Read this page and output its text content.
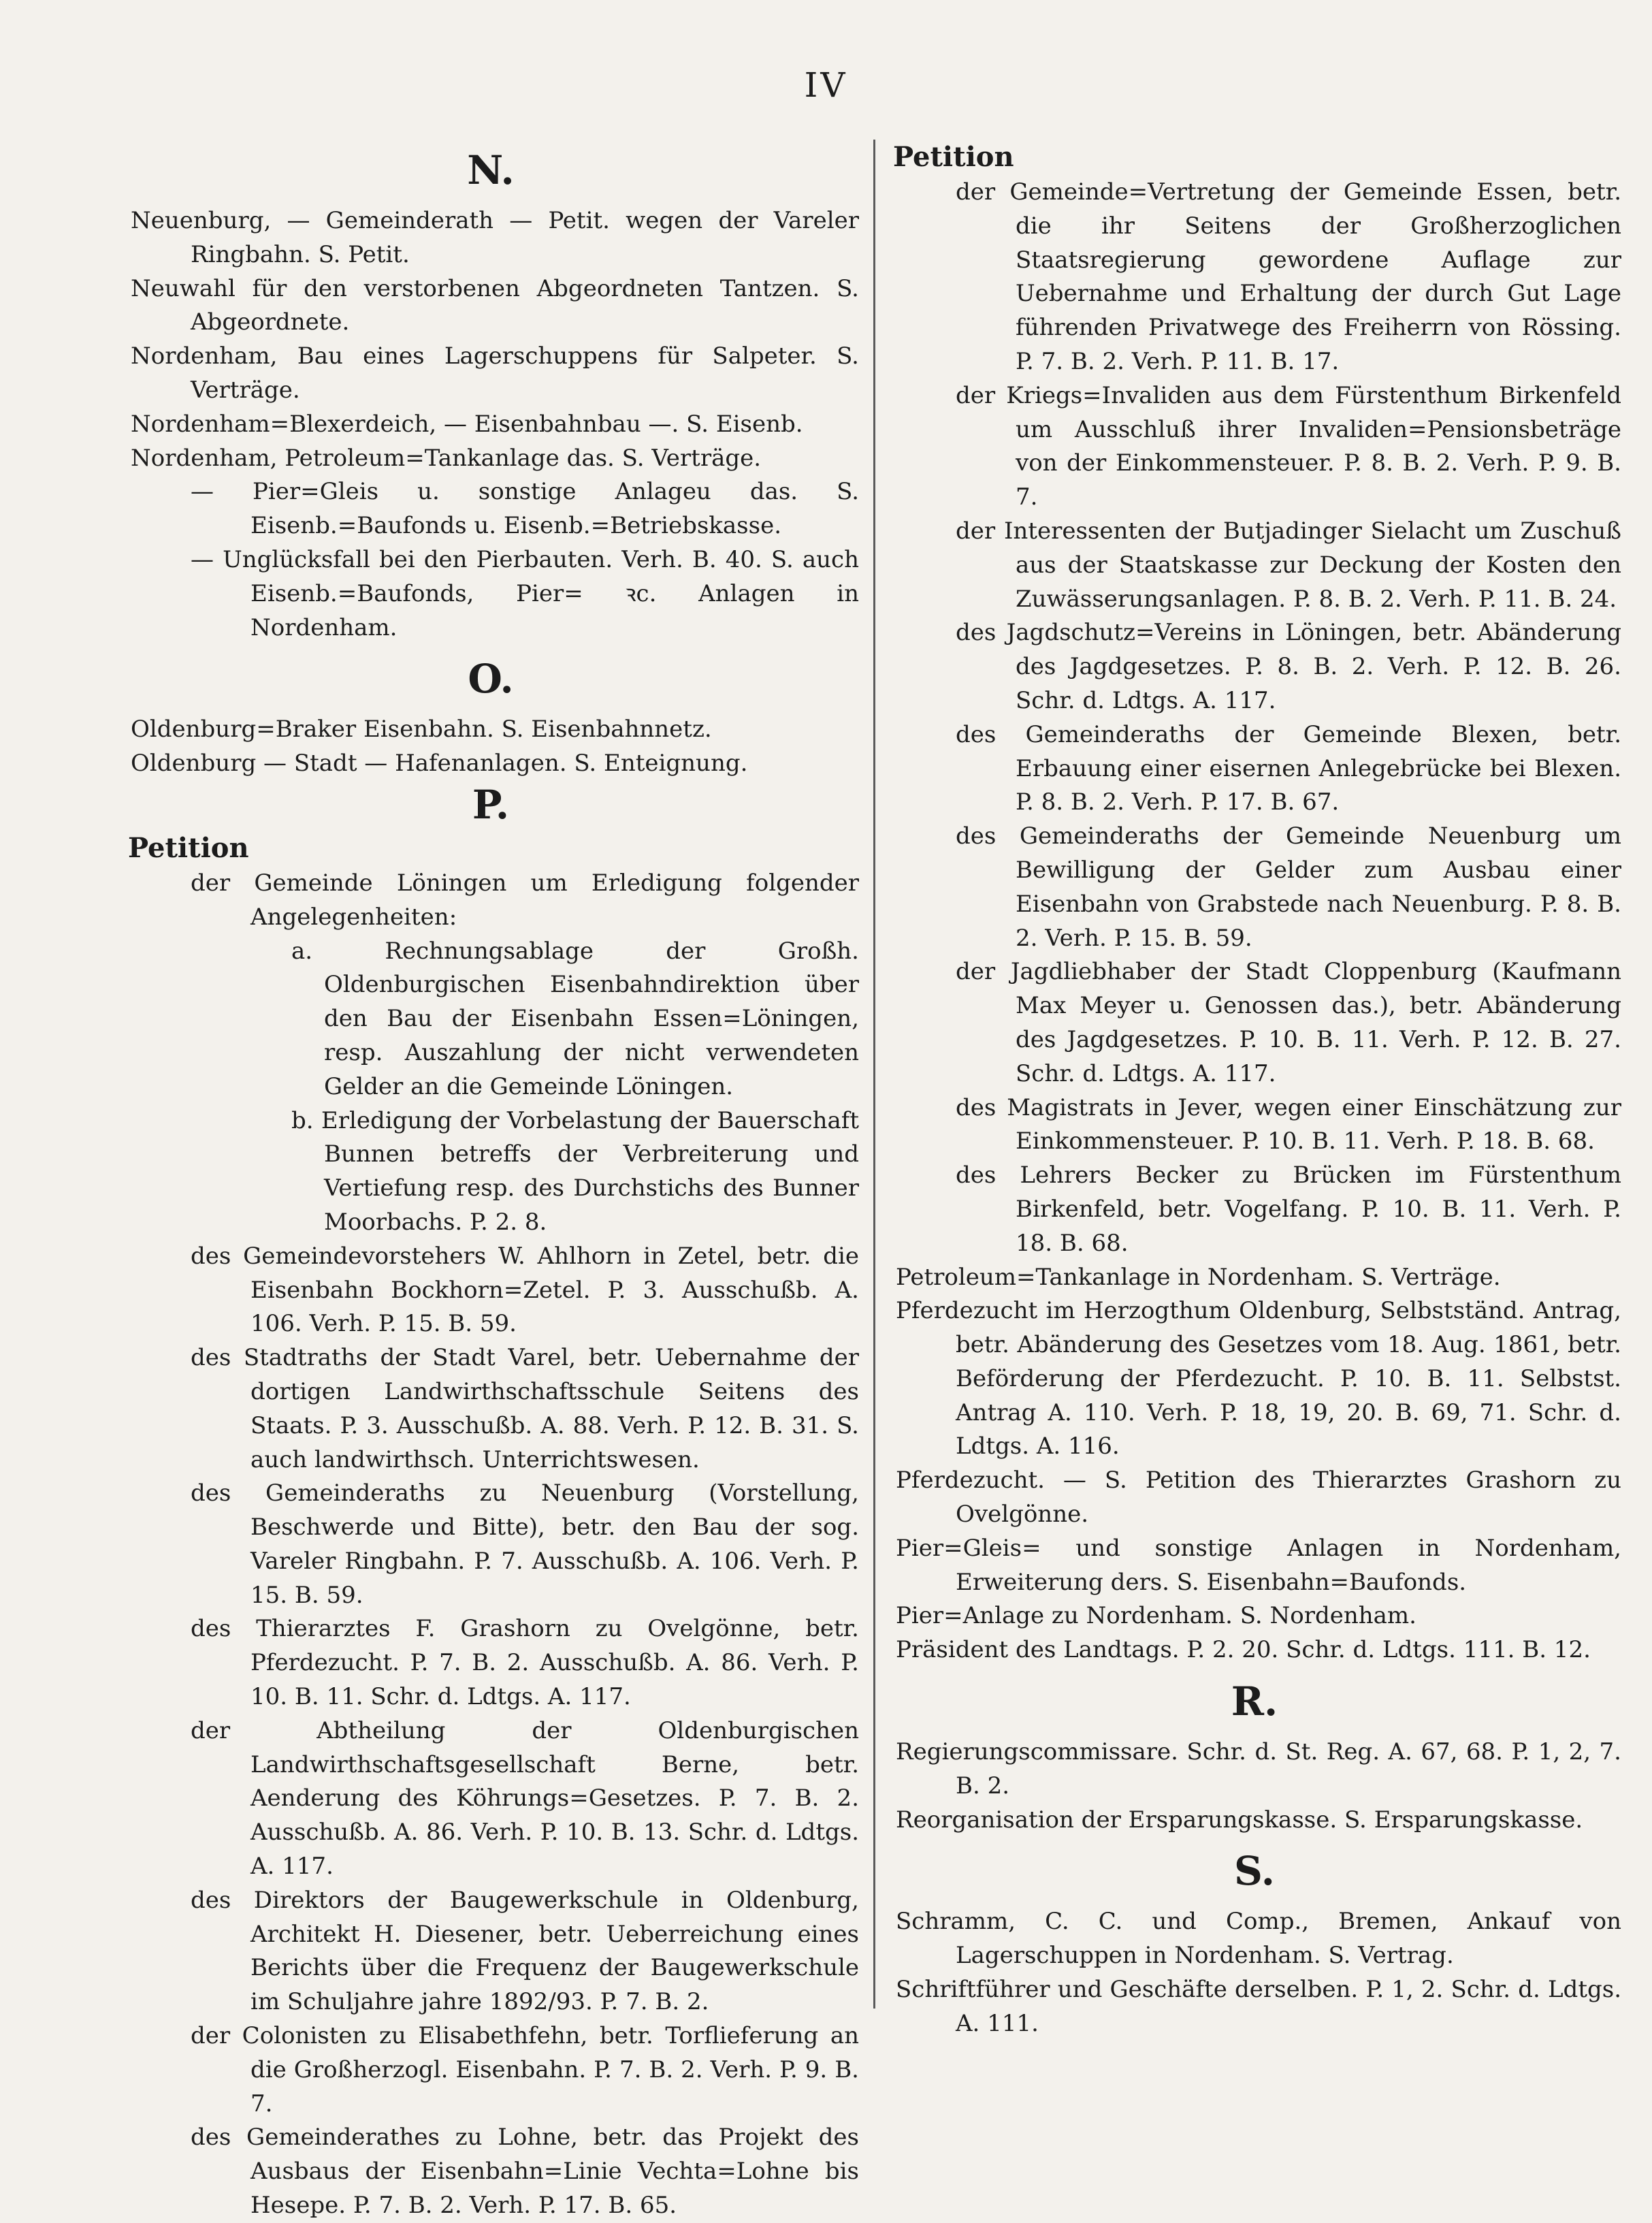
IV
N.

Neuenburg, — Gemeinderath — Petit. wegen der Vareler Ringbahn. S. Petit.

Neuwahl für den verstorbenen Abgeordneten Tantzen. S. Abgeordnete.

Nordenham, Bau eines Lagerschuppens für Salpeter. S. Verträge.

Nordenham=Blexerdeich, — Eisenbahnbau —. S. Eisenb.

Nordenham, Petroleum=Tankanlage das. S. Verträge.

— Pier=Gleis u. sonstige Anlageu das. S. Eisenb.=Baufonds u. Eisenb.=Betriebskasse.

— Unglücksfall bei den Pierbauten. Verh. B. 40. S. auch Eisenb.=Baufonds, Pier= ꝛc. Anlagen in Nordenham.

O.

Oldenburg=Braker Eisenbahn. S. Eisenbahnnetz.

Oldenburg — Stadt — Hafenanlagen. S. Enteignung.

P.
Petition

der Gemeinde Löningen um Erledigung folgender Angelegenheiten:

a. Rechnungsablage der Großh. Oldenburgischen Eisenbahndirektion über den Bau der Eisenbahn Essen=Löningen, resp. Auszahlung der nicht verwendeten Gelder an die Gemeinde Löningen.

b. Erledigung der Vorbelastung der Bauerschaft Bunnen betreffs der Verbreiterung und Vertiefung resp. des Durchstichs des Bunner Moorbachs. P. 2. 8.

des Gemeindevorstehers W. Ahlhorn in Zetel, betr. die Eisenbahn Bockhorn=Zetel. P. 3. Ausschußb. A. 106. Verh. P. 15. B. 59.

des Stadtraths der Stadt Varel, betr. Uebernahme der dortigen Landwirthschaftsschule Seitens des Staats. P. 3. Ausschußb. A. 88. Verh. P. 12. B. 31. S. auch landwirthsch. Unterrichtswesen.

des Gemeinderaths zu Neuenburg (Vorstellung, Beschwerde und Bitte), betr. den Bau der sog. Vareler Ringbahn. P. 7. Ausschußb. A. 106. Verh. P. 15. B. 59.

des Thierarztes F. Grashorn zu Ovelgönne, betr. Pferdezucht. P. 7. B. 2. Ausschußb. A. 86. Verh. P. 10. B. 11. Schr. d. Ldtgs. A. 117.

der Abtheilung der Oldenburgischen Landwirthschaftsgesellschaft Berne, betr. Aenderung des Köhrungs=Gesetzes. P. 7. B. 2. Ausschußb. A. 86. Verh. P. 10. B. 13. Schr. d. Ldtgs. A. 117.

des Direktors der Baugewerkschule in Oldenburg, Architekt H. Diesener, betr. Ueberreichung eines Berichts über die Frequenz der Baugewerkschule im Schuljahre jahre 1892/93. P. 7. B. 2.

der Colonisten zu Elisabethfehn, betr. Torflieferung an die Großherzogl. Eisenbahn. P. 7. B. 2. Verh. P. 9. B. 7.

des Gemeinderathes zu Lohne, betr. das Projekt des Ausbaus der Eisenbahn=Linie Vechta=Lohne bis Hesepe. P. 7. B. 2. Verh. P. 17. B. 65.

Petition

der Gemeinde=Vertretung der Gemeinde Essen, betr. die ihr Seitens der Großherzoglichen Staatsregierung gewordene Auflage zur Uebernahme und Erhaltung der durch Gut Lage führenden Privatwege des Freiherrn von Rössing. P. 7. B. 2. Verh. P. 11. B. 17.

der Kriegs=Invaliden aus dem Fürstenthum Birkenfeld um Ausschluß ihrer Invaliden=Pensionsbeträge von der Einkommensteuer. P. 8. B. 2. Verh. P. 9. B. 7.

der Interessenten der Butjadinger Sielacht um Zuschuß aus der Staatskasse zur Deckung der Kosten den Zuwässerungsanlagen. P. 8. B. 2. Verh. P. 11. B. 24.

des Jagdschutz=Vereins in Löningen, betr. Abänderung des Jagdgesetzes. P. 8. B. 2. Verh. P. 12. B. 26. Schr. d. Ldtgs. A. 117.

des Gemeinderaths der Gemeinde Blexen, betr. Erbauung einer eisernen Anlegebrücke bei Blexen. P. 8. B. 2. Verh. P. 17. B. 67.

des Gemeinderaths der Gemeinde Neuenburg um Bewilligung der Gelder zum Ausbau einer Eisenbahn von Grabstede nach Neuenburg. P. 8. B. 2. Verh. P. 15. B. 59.

der Jagdliebhaber der Stadt Cloppenburg (Kaufmann Max Meyer u. Genossen das.), betr. Abänderung des Jagdgesetzes. P. 10. B. 11. Verh. P. 12. B. 27. Schr. d. Ldtgs. A. 117.

des Magistrats in Jever, wegen einer Einschätzung zur Einkommensteuer. P. 10. B. 11. Verh. P. 18. B. 68.

des Lehrers Becker zu Brücken im Fürstenthum Birkenfeld, betr. Vogelfang. P. 10. B. 11. Verh. P. 18. B. 68.

Petroleum=Tankanlage in Nordenham. S. Verträge.

Pferdezucht im Herzogthum Oldenburg, Selbstständ. Antrag, betr. Abänderung des Gesetzes vom 18. Aug. 1861, betr. Beförderung der Pferdezucht. P. 10. B. 11. Selbstst. Antrag A. 110. Verh. P. 18, 19, 20. B. 69, 71. Schr. d. Ldtgs. A. 116.

Pferdezucht. — S. Petition des Thierarztes Grashorn zu Ovelgönne.

Pier=Gleis= und sonstige Anlagen in Nordenham, Erweiterung ders. S. Eisenbahn=Baufonds.

Pier=Anlage zu Nordenham. S. Nordenham.

Präsident des Landtags. P. 2. 20. Schr. d. Ldtgs. 111. B. 12.

R.

Regierungscommissare. Schr. d. St. Reg. A. 67, 68. P. 1, 2, 7. B. 2.

Reorganisation der Ersparungskasse. S. Ersparungskasse.

S.

Schramm, C. C. und Comp., Bremen, Ankauf von Lagerschuppen in Nordenham. S. Vertrag.

Schriftführer und Geschäfte derselben. P. 1, 2. Schr. d. Ldtgs. A. 111.
